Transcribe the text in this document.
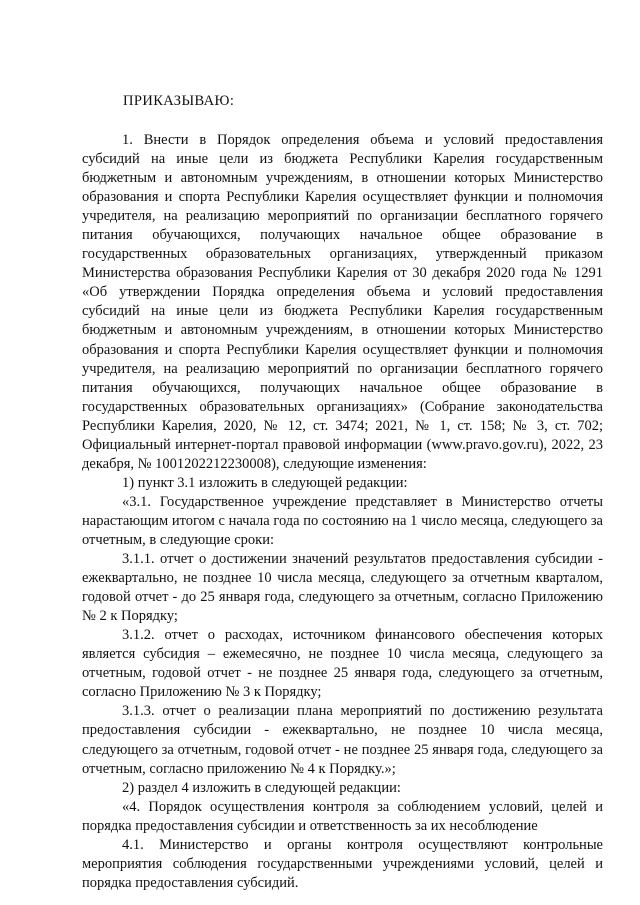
ПРИКАЗЫВАЮ:

1. Внести в Порядок определения объема и условий предоставления субсидий на иные цели из бюджета Республики Карелия государственным бюджетным и автономным учреждениям, в отношении которых Министерство образования и спорта Республики Карелия осуществляет функции и полномочия учредителя, на реализацию мероприятий по организации бесплатного горячего питания обучающихся, получающих начальное общее образование в государственных образовательных организациях, утвержденный приказом Министерства образования Республики Карелия от 30 декабря 2020 года № 1291 «Об утверждении Порядка определения объема и условий предоставления субсидий на иные цели из бюджета Республики Карелия государственным бюджетным и автономным учреждениям, в отношении которых Министерство образования и спорта Республики Карелия осуществляет функции и полномочия учредителя, на реализацию мероприятий по организации бесплатного горячего питания обучающихся, получающих начальное общее образование в государственных образовательных организациях» (Собрание законодательства Республики Карелия, 2020, № 12, ст. 3474; 2021, № 1, ст. 158; № 3, ст. 702; Официальный интернет-портал правовой информации (www.pravo.gov.ru), 2022, 23 декабря, № 1001202212230008), следующие изменения:

1) пункт 3.1 изложить в следующей редакции:

«3.1. Государственное учреждение представляет в Министерство отчеты нарастающим итогом с начала года по состоянию на 1 число месяца, следующего за отчетным, в следующие сроки:

3.1.1. отчет о достижении значений результатов предоставления субсидии - ежеквартально, не позднее 10 числа месяца, следующего за отчетным кварталом, годовой отчет - до 25 января года, следующего за отчетным, согласно Приложению № 2 к Порядку;

3.1.2. отчет о расходах, источником финансового обеспечения которых является субсидия – ежемесячно, не позднее 10 числа месяца, следующего за отчетным, годовой отчет - не позднее 25 января года, следующего за отчетным, согласно Приложению № 3 к Порядку;

3.1.3. отчет о реализации плана мероприятий по достижению результата предоставления субсидии - ежеквартально, не позднее 10 числа месяца, следующего за отчетным, годовой отчет - не позднее 25 января года, следующего за отчетным, согласно приложению № 4 к Порядку.»;

2) раздел 4 изложить в следующей редакции:

«4. Порядок осуществления контроля за соблюдением условий, целей и порядка предоставления субсидии и ответственность за их несоблюдение

4.1. Министерство и органы контроля осуществляют контрольные мероприятия соблюдения государственными учреждениями условий, целей и порядка предоставления субсидий.
